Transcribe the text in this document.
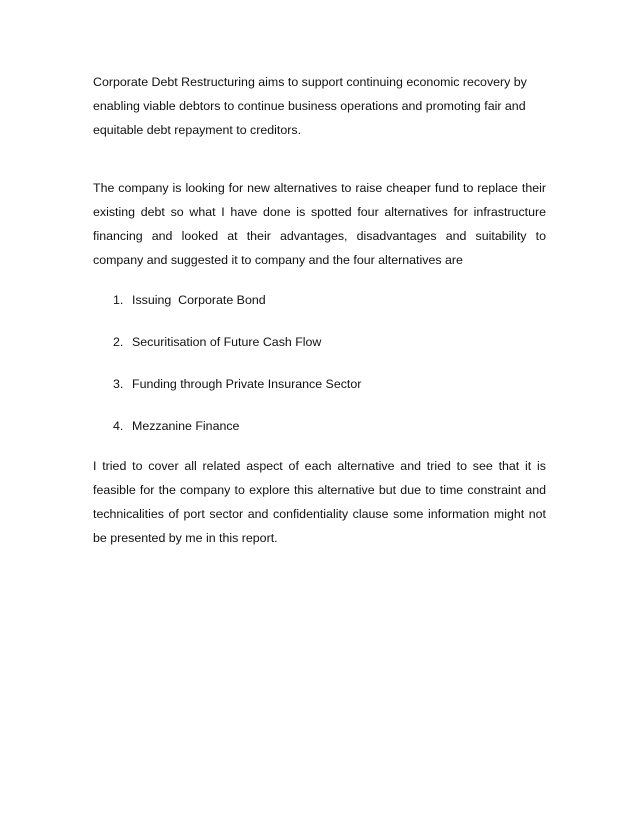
Corporate Debt Restructuring aims to support continuing economic recovery by enabling viable debtors to continue business operations and promoting fair and equitable debt repayment to creditors.

The company is looking for new alternatives to raise cheaper fund to replace their existing debt so what I have done is spotted four alternatives for infrastructure financing and looked at their advantages, disadvantages and suitability to company and suggested it to company and the four alternatives are

1. Issuing  Corporate Bond
2. Securitisation of Future Cash Flow
3. Funding through Private Insurance Sector
4. Mezzanine Finance

I tried to cover all related aspect of each alternative and tried to see that it is feasible for the company to explore this alternative but due to time constraint and technicalities of port sector and confidentiality clause some information might not be presented by me in this report.
